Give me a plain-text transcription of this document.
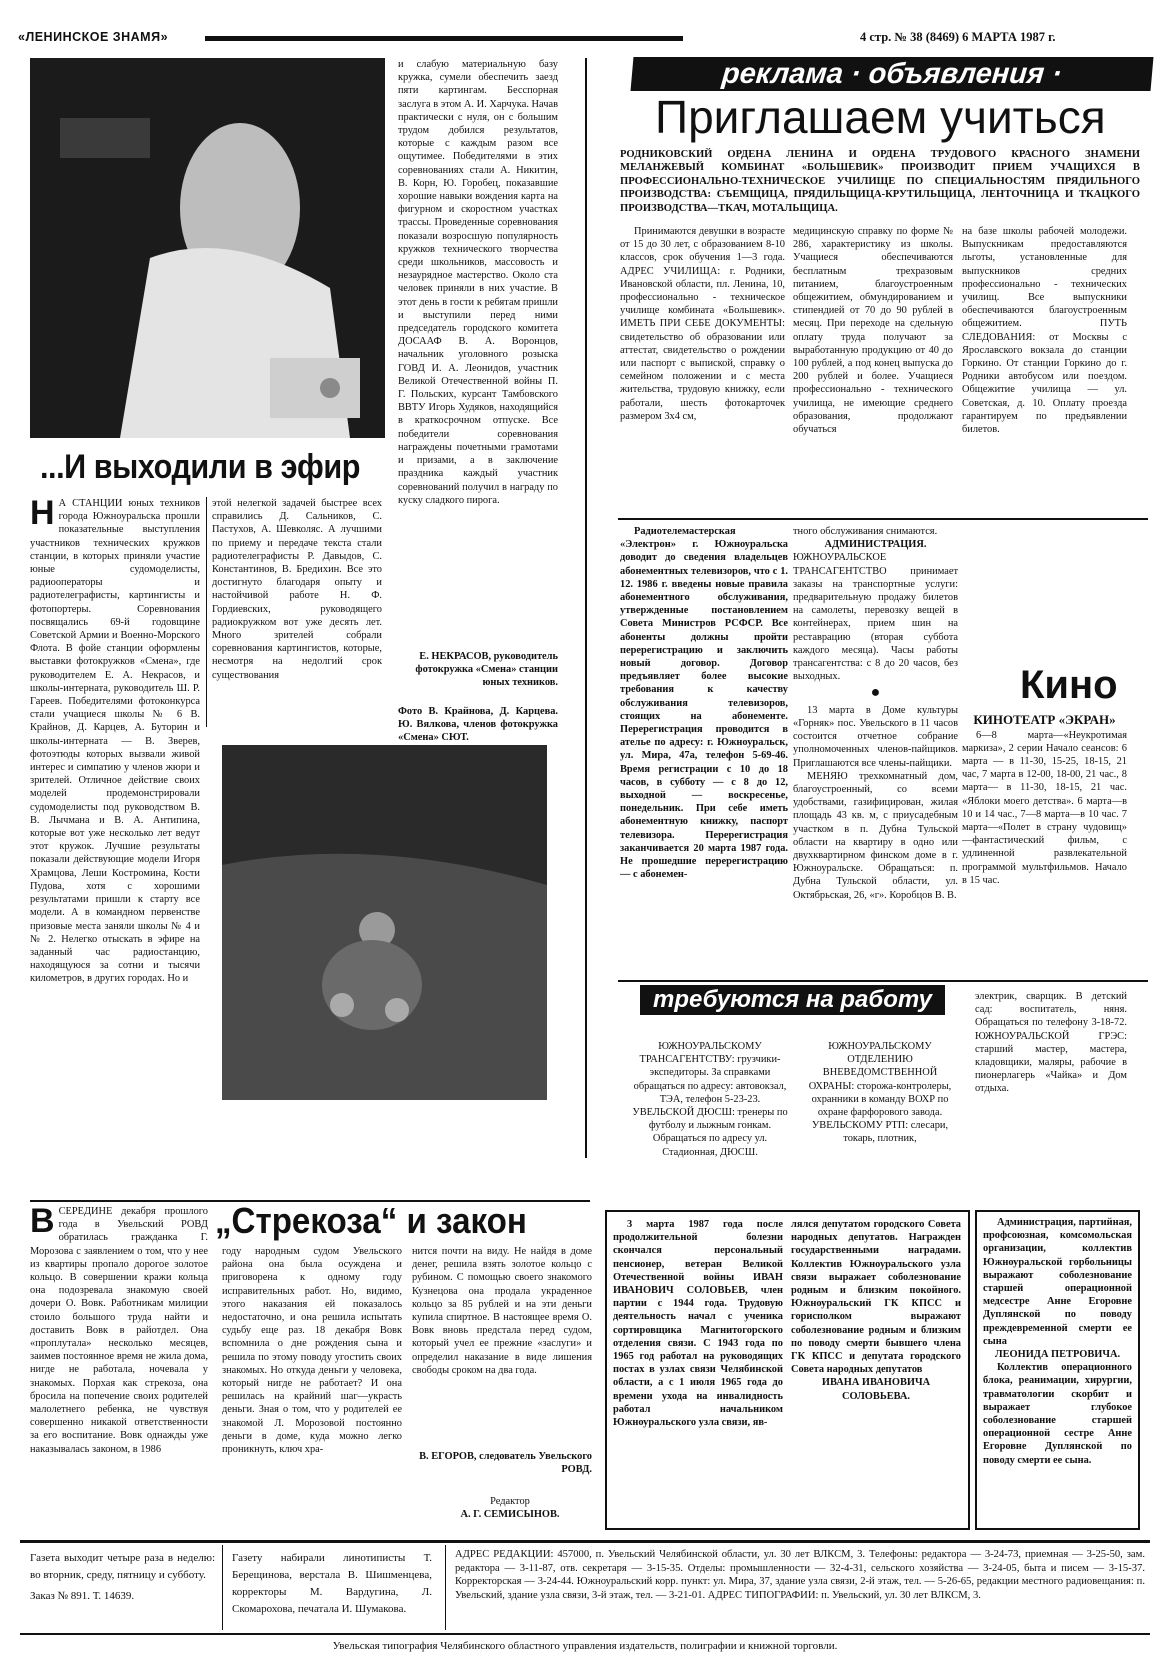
«ЛЕНИНСКОЕ ЗНАМЯ»	4 стр. № 38 (8469) 6 МАРТА 1987 г.

и слабую материальную базу кружка, сумели обеспечить заезд пяти картингам. Бесспорная заслуга в этом А. И. Харчука. Начав практически с нуля, он с большим трудом добился результатов, которые с каждым разом все ощутимее. Победителями в этих соревнованиях стали А. Никитин, В. Корн, Ю. Горобец, показавшие хорошие навыки вождения карта на фигурном и скоростном участках трассы. Проведенные соревнования показали возросшую популярность кружков технического творчества среди школьников, массовость и незаурядное мастерство. Около ста человек приняли в них участие. В этот день в гости к ребятам пришли и выступили перед ними председатель городского комитета ДОСААФ В. А. Воронцов, начальник уголовного розыска ГОВД И. А. Леонидов, участник Великой Отечественной войны П. Г. Польских, курсант Тамбовского ВВТУ Игорь Худяков, находящийся в краткосрочном отпуске. Все победители соревнования награждены почетными грамотами и призами, а в заключение праздника каждый участник соревнований получил в награду по куску сладкого пирога.

Е. НЕКРАСОВ, руководитель фотокружка «Смена» станции юных техников.

Фото В. Крайнова, Д. Карцева. Ю. Вялкова, членов фотокружка «Смена» СЮТ.

...И выходили в эфир
Н А СТАНЦИИ юных техников города Южноуральска прошли показательные выступления участников технических кружков станции, в которых приняли участие юные судомоделисты, радиооператоры и радиотелеграфисты, картингисты и фотопортеры. Соревнования посвящались 69-й годовщине Советской Армии и Военно-Морского Флота. В фойе станции оформлены выставки фотокружков «Смена», где руководителем Е. А. Некрасов, и школы-интерната, руководитель Ш. Р. Гареев. Победителями фотоконкурса стали учащиеся школы № 6 В. Крайнов, Д. Карцев, А. Буторин и школы-интерната — В. Зверев, фотоэтюды которых вызвали живой интерес и симпатию у членов жюри и зрителей. Отличное действие своих моделей продемонстрировали судомоделисты под руководством В. В. Лычмана и В. А. Антипина, которые вот уже несколько лет ведут этот кружок. Лучшие результаты показали действующие модели Игоря Храмцова, Леши Костромина, Кости Пудова, хотя с хорошими результатами пришли к старту все модели. А в командном первенстве призовые места заняли школы № 4 и № 2. Нелегко отыскать в эфире на заданный час радиостанцию, находящуюся за сотни и тысячи километров, в других городах. Но и

этой нелегкой задачей быстрее всех справились Д. Сальников, С. Пастухов, А. Шевколяс. А лучшими по приему и передаче текста стали радиотелеграфисты Р. Давыдов, С. Константинов, В. Бредихин. Все это достигнуто благодаря опыту и настойчивой работе Н. Ф. Гордиевских, руководящего радиокружком вот уже десять лет. Много зрителей собрали соревнования картингистов, которые, несмотря на недолгий срок существования

реклама · объявления ·
Приглашаем учиться

РОДНИКОВСКИЙ ОРДЕНА ЛЕНИНА И ОРДЕНА ТРУДОВОГО КРАСНОГО ЗНАМЕНИ МЕЛАНЖЕВЫЙ КОМБИНАТ «БОЛЬШЕВИК» ПРОИЗВОДИТ ПРИЕМ УЧАЩИХСЯ В ПРОФЕССИОНАЛЬНО-ТЕХНИЧЕСКОЕ УЧИЛИЩЕ ПО СПЕЦИАЛЬНОСТЯМ ПРЯДИЛЬНОГО ПРОИЗВОДСТВА: СЪЕМЩИЦА, ПРЯДИЛЬЩИЦА-КРУТИЛЬЩИЦА, ЛЕНТОЧНИЦА И ТКАЦКОГО ПРОИЗВОДСТВА—ТКАЧ, МОТАЛЬЩИЦА.

Принимаются девушки в возрасте от 15 до 30 лет, с образованием 8-10 классов, срок обучения 1—3 года. АДРЕС УЧИЛИЩА: г. Родники, Ивановской области, пл. Ленина, 10, профессионально - техническое училище комбината «Большевик». ИМЕТЬ ПРИ СЕБЕ ДОКУМЕНТЫ: свидетельство об образовании или аттестат, свидетельство о рождении или паспорт с выпиской, справку о семейном положении и с места жительства, трудовую книжку, если работали, шесть фотокарточек размером 3х4 см,

медицинскую справку по форме № 286, характеристику из школы. Учащиеся обеспечиваются бесплатным трехразовым питанием, благоустроенным общежитием, обмундированием и стипендией от 70 до 90 рублей в месяц. При переходе на сдельную оплату труда получают за выработанную продукцию от 40 до 100 рублей, а под конец выпуска до 200 рублей и более. Учащиеся профессионально - технического училища, не имеющие среднего образования, продолжают обучаться

на базе школы рабочей молодежи. Выпускникам предоставляются льготы, установленные для выпускников средних профессионально - технических училищ. Все выпускники обеспечиваются благоустроенным общежитием. ПУТЬ СЛЕДОВАНИЯ: от Москвы с Ярославского вокзала до станции Горкино. От станции Горкино до г. Родники автобусом или поездом. Общежитие училища — ул. Советская, д. 10. Оплату проезда гарантируем по предъявлении билетов.

Радиотелемастерская «Электрон» г. Южноуральска доводит до сведения владельцев абонементных телевизоров, что с 1. 12. 1986 г. введены новые правила абонементного обслуживания, утвержденные постановлением Совета Министров РСФСР. Все абоненты должны пройти перерегистрацию и заключить новый договор. Договор предъявляет более высокие требования к качеству обслуживания телевизоров, стоящих на абонементе. Перерегистрация проводится в ателье по адресу: г. Южноуральск, ул. Мира, 47а, телефон 5-69-46. Время регистрации с 10 до 18 часов, в субботу — с 8 до 12, выходной — воскресенье, понедельник. При себе иметь абонементную книжку, паспорт телевизора. Перерегистрация заканчивается 20 марта 1987 года. Не прошедшие перерегистрацию — с абонемен-

тного обслуживания снимаются.

АДМИНИСТРАЦИЯ.

ЮЖНОУРАЛЬСКОЕ ТРАНСАГЕНТСТВО принимает заказы на транспортные услуги: предварительную продажу билетов на самолеты, перевозку вещей в контейнерах, прием шин на реставрацию (вторая суббота каждого месяца). Часы работы трансагентства: с 8 до 20 часов, без выходных.

●

13 марта в Доме культуры «Горняк» пос. Увельского в 11 часов состоится отчетное собрание уполномоченных членов-пайщиков. Приглашаются все члены-пайщики.

МЕНЯЮ трехкомнатный дом, благоустроенный, со всеми удобствами, газифицирован, жилая площадь 43 кв. м, с приусадебным участком в п. Дубна Тульской области на квартиру в одно или двухквартирном финском доме в г. Южноуральске. Обращаться: п. Дубна Тульской области, ул. Октябрьская, 26, «г». Коробцов В. В.

Кино

КИНОТЕАТР «ЭКРАН»

6—8 марта—«Неукротимая маркиза», 2 серии Начало сеансов: 6 марта — в 11-30, 15-25, 18-15, 21 час, 7 марта в 12-00, 18-00, 21 час., 8 марта— в 11-30, 18-15, 21 час. «Яблоки моего детства». 6 марта—в 10 и 14 час., 7—8 марта—в 10 час. 7 марта—«Полет в страну чудовищ» —фантастический фильм, с удлиненной развлекательной программой мультфильмов. Начало в 15 час.

требуются на работу

ЮЖНОУРАЛЬСКОМУ ТРАНСАГЕНТСТВУ: грузчики-экспедиторы. За справками обращаться по адресу: автовокзал, ТЭА, телефон 5-23-23. УВЕЛЬСКОЙ ДЮСШ: тренеры по футболу и лыжным гонкам. Обращаться по адресу ул. Стадионная, ДЮСШ.

ЮЖНОУРАЛЬСКОМУ ОТДЕЛЕНИЮ ВНЕВЕДОМСТВЕННОЙ ОХРАНЫ: сторожа-контролеры, охранники в команду ВОХР по охране фарфорового завода. УВЕЛЬСКОМУ РТП: слесари, токарь, плотник,

электрик, сварщик. В детский сад: воспитатель, няня. Обращаться по телефону 3-18-72. ЮЖНОУРАЛЬСКОЙ ГРЭС: старший мастер, мастера, кладовщики, маляры, рабочие в пионерлагерь «Чайка» и Дом отдыха.

„Стрекоза“ и закон
В СЕРЕДИНЕ декабря прошлого года в Увельский РОВД обратилась гражданка Г. Морозова с заявлением о том, что у нее из квартиры пропало дорогое золотое кольцо. В совершении кражи кольца она подозревала знакомую своей дочери О. Вовк. Работникам милиции стоило большого труда найти и доставить Вовк в райотдел. Она «проплутала» несколько месяцев, заимев постоянное время не жила дома, нигде не работала, ночевала у знакомых. Порхая как стрекоза, она бросила на попечение своих родителей малолетнего ребенка, не чувствуя совершенно никакой ответственности за его воспитание. Вовк однажды уже наказывалась законом, в 1986

году народным судом Увельского района она была осуждена и приговорена к одному году исправительных работ. Но, видимо, этого наказания ей показалось недостаточно, и она решила испытать судьбу еще раз. 18 декабря Вовк вспомнила о дне рождения сына и решила по этому поводу угостить своих знакомых. Но откуда деньги у человека, который нигде не работает? И она решилась на крайний шаг—украсть деньги. Зная о том, что у родителей ее знакомой Л. Морозовой постоянно деньги в доме, куда можно легко проникнуть, ключ хра-

нится почти на виду. Не найдя в доме денег, решила взять золотое кольцо с рубином. С помощью своего знакомого Кузнецова она продала украденное кольцо за 85 рублей и на эти деньги купила спиртное. В настоящее время О. Вовк вновь предстала перед судом, который учел ее прежние «заслуги» и определил наказание в виде лишения свободы сроком на два года.

В. ЕГОРОВ, следователь Увельского РОВД.

Редактор

А. Г. СЕМИСЫНОВ.

3 марта 1987 года после продолжительной болезни скончался персональный пенсионер, ветеран Великой Отечественной войны ИВАН ИВАНОВИЧ СОЛОВЬЕВ, член партии с 1944 года. Трудовую деятельность начал с ученика сортировщика Магнитогорского отделения связи. С 1943 года по 1965 год работал на руководящих постах в узлах связи Челябинской области, а с 1 июля 1965 года до времени ухода на инвалидность работал начальником Южноуральского узла связи, яв-

лялся депутатом городского Совета народных депутатов. Награжден государственными наградами. Коллектив Южноуральского узла связи выражает соболезнование родным и близким покойного. Южноуральский ГК КПСС и горисполком выражают соболезнование родным и близким по поводу смерти бывшего члена ГК КПСС и депутата городского Совета народных депутатов

ИВАНА ИВАНОВИЧА СОЛОВЬЕВА.

Администрация, партийная, профсоюзная, комсомольская организации, коллектив Южноуральской горбольницы выражают соболезнование старшей операционной медсестре Анне Егоровне Дуплянской по поводу преждевременной смерти ее сына

ЛЕОНИДА ПЕТРОВИЧА.

Коллектив операционного блока, реанимации, хирургии, травматологии скорбит и выражает глубокое соболезнование старшей операционной сестре Анне Егоровне Дуплянской по поводу смерти ее сына.

Газета выходит четыре раза в неделю: во вторник, среду, пятницу и субботу.

Заказ № 891. Т. 14639.

Газету набирали линотиписты Т. Берещинова, верстала В. Шишменцева, корректоры М. Вардугина, Л. Скомарохова, печатала И. Шумакова.

АДРЕС РЕДАКЦИИ: 457000, п. Увельский Челябинской области, ул. 30 лет ВЛКСМ, 3. Телефоны: редактора — 3-24-73, приемная — 3-25-50, зам. редактора — 3-11-87, отв. секретаря — 3-15-35. Отделы: промышленности — 32-4-31, сельского хозяйства — 3-24-05, быта и писем — 3-15-37. Корректорская — 3-24-44. Южноуральский корр. пункт: ул. Мира, 37, здание узла связи, 2-й этаж, тел. — 5-26-65, редакции местного радиовещания: п. Увельский, здание узла связи, 3-й этаж, тел. — 3-21-01. АДРЕС ТИПОГРАФИИ: п. Увельский, ул. 30 лет ВЛКСМ, 3.

Увельская типография Челябинского областного управления издательств, полиграфии и книжной торговли.
